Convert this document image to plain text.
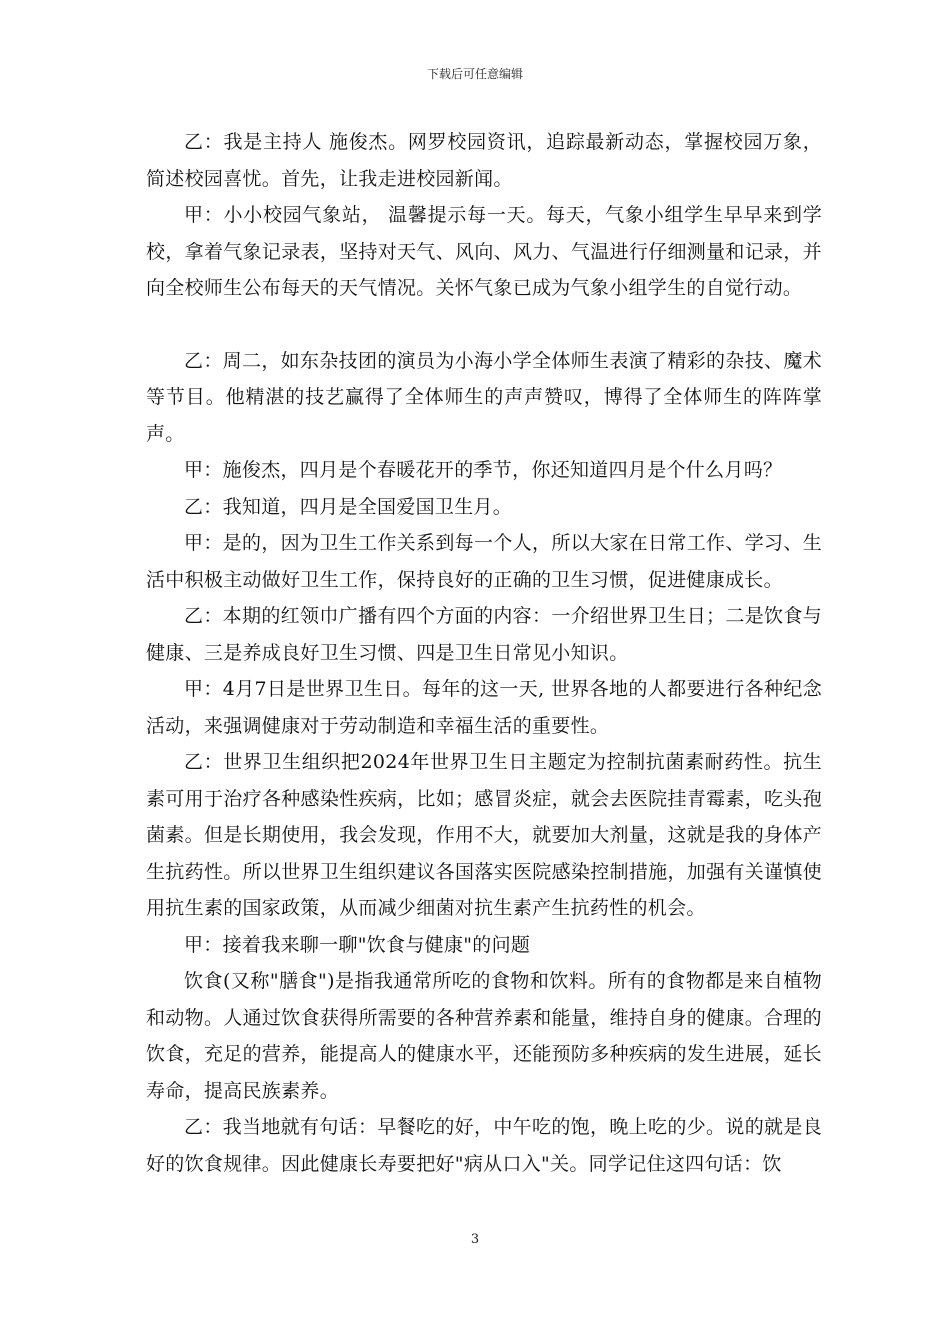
下载后可任意编辑

乙：我是主持人 施俊杰。网罗校园资讯，追踪最新动态，掌握校园万象，简述校园喜忧。首先，让我走进校园新闻。

甲：小小校园气象站， 温馨提示每一天。每天，气象小组学生早早来到学校，拿着气象记录表，坚持对天气、风向、风力、气温进行仔细测量和记录，并向全校师生公布每天的天气情况。关怀气象已成为气象小组学生的自觉行动。

乙：周二，如东杂技团的演员为小海小学全体师生表演了精彩的杂技、魔术等节目。他精湛的技艺赢得了全体师生的声声赞叹，博得了全体师生的阵阵掌声。

甲：施俊杰，四月是个春暖花开的季节，你还知道四月是个什么月吗？

乙：我知道，四月是全国爱国卫生月。

甲：是的，因为卫生工作关系到每一个人，所以大家在日常工作、学习、生活中积极主动做好卫生工作，保持良好的正确的卫生习惯，促进健康成长。

乙：本期的红领巾广播有四个方面的内容：一介绍世界卫生日；二是饮食与健康、三是养成良好卫生习惯、四是卫生日常见小知识。

甲：4月7日是世界卫生日。每年的这一天, 世界各地的人都要进行各种纪念活动，来强调健康对于劳动制造和幸福生活的重要性。

乙：世界卫生组织把2024年世界卫生日主题定为控制抗菌素耐药性。抗生素可用于治疗各种感染性疾病，比如；感冒炎症，就会去医院挂青霉素，吃头孢菌素。但是长期使用，我会发现，作用不大，就要加大剂量，这就是我的身体产生抗药性。所以世界卫生组织建议各国落实医院感染控制措施，加强有关谨慎使用抗生素的国家政策，从而减少细菌对抗生素产生抗药性的机会。

甲：接着我来聊一聊"饮食与健康"的问题

饮食(又称"膳食")是指我通常所吃的食物和饮料。所有的食物都是来自植物和动物。人通过饮食获得所需要的各种营养素和能量，维持自身的健康。合理的饮食，充足的营养，能提高人的健康水平，还能预防多种疾病的发生进展，延长寿命，提高民族素养。

乙：我当地就有句话：早餐吃的好，中午吃的饱，晚上吃的少。说的就是良好的饮食规律。因此健康长寿要把好"病从口入"关。同学记住这四句话：饮

3
